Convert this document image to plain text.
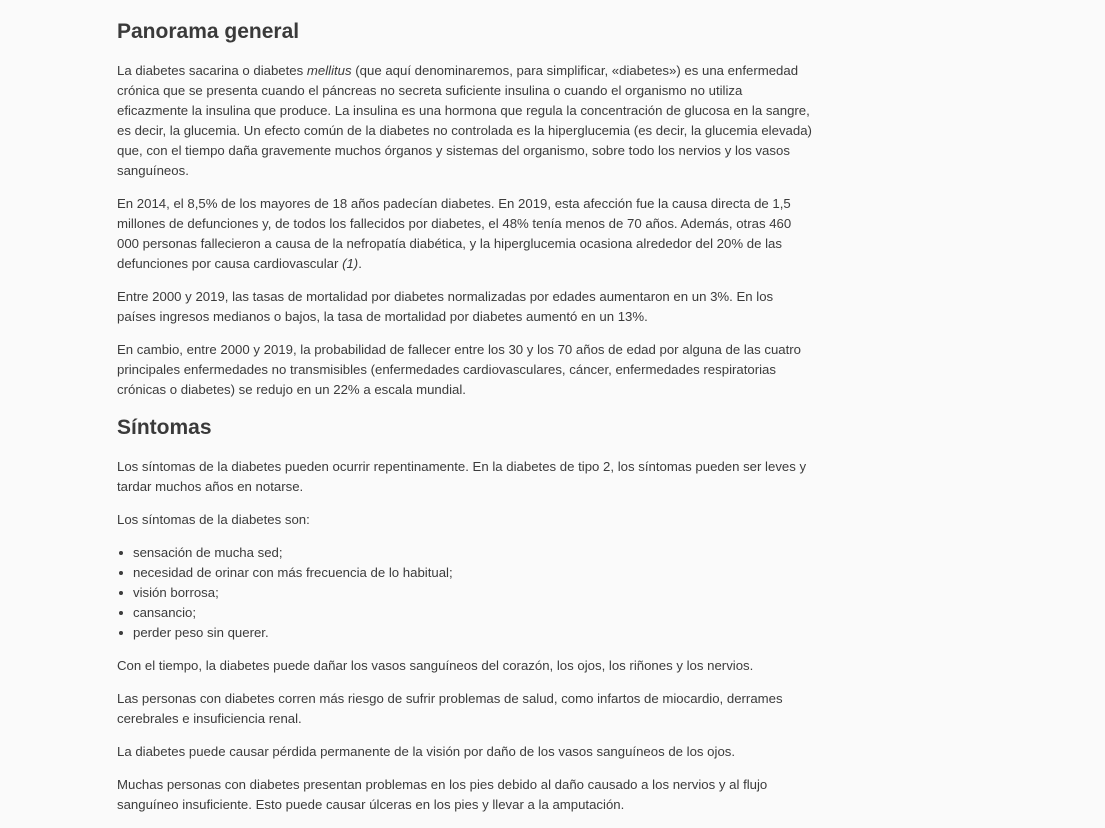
Panorama general

La diabetes sacarina o diabetes mellitus (que aquí denominaremos, para simplificar, «diabetes») es una enfermedad crónica que se presenta cuando el páncreas no secreta suficiente insulina o cuando el organismo no utiliza eficazmente la insulina que produce. La insulina es una hormona que regula la concentración de glucosa en la sangre, es decir, la glucemia. Un efecto común de la diabetes no controlada es la hiperglucemia (es decir, la glucemia elevada) que, con el tiempo daña gravemente muchos órganos y sistemas del organismo, sobre todo los nervios y los vasos sanguíneos.

En 2014, el 8,5% de los mayores de 18 años padecían diabetes. En 2019, esta afección fue la causa directa de 1,5 millones de defunciones y, de todos los fallecidos por diabetes, el 48% tenía menos de 70 años. Además, otras 460 000 personas fallecieron a causa de la nefropatía diabética, y la hiperglucemia ocasiona alrededor del 20% de las defunciones por causa cardiovascular (1).

Entre 2000 y 2019, las tasas de mortalidad por diabetes normalizadas por edades aumentaron en un 3%. En los países ingresos medianos o bajos, la tasa de mortalidad por diabetes aumentó en un 13%.

En cambio, entre 2000 y 2019, la probabilidad de fallecer entre los 30 y los 70 años de edad por alguna de las cuatro principales enfermedades no transmisibles (enfermedades cardiovasculares, cáncer, enfermedades respiratorias crónicas o diabetes) se redujo en un 22% a escala mundial.

Síntomas

Los síntomas de la diabetes pueden ocurrir repentinamente. En la diabetes de tipo 2, los síntomas pueden ser leves y tardar muchos años en notarse.

Los síntomas de la diabetes son:

sensación de mucha sed;
necesidad de orinar con más frecuencia de lo habitual;
visión borrosa;
cansancio;
perder peso sin querer.

Con el tiempo, la diabetes puede dañar los vasos sanguíneos del corazón, los ojos, los riñones y los nervios.

Las personas con diabetes corren más riesgo de sufrir problemas de salud, como infartos de miocardio, derrames cerebrales e insuficiencia renal.

La diabetes puede causar pérdida permanente de la visión por daño de los vasos sanguíneos de los ojos.

Muchas personas con diabetes presentan problemas en los pies debido al daño causado a los nervios y al flujo sanguíneo insuficiente. Esto puede causar úlceras en los pies y llevar a la amputación.
